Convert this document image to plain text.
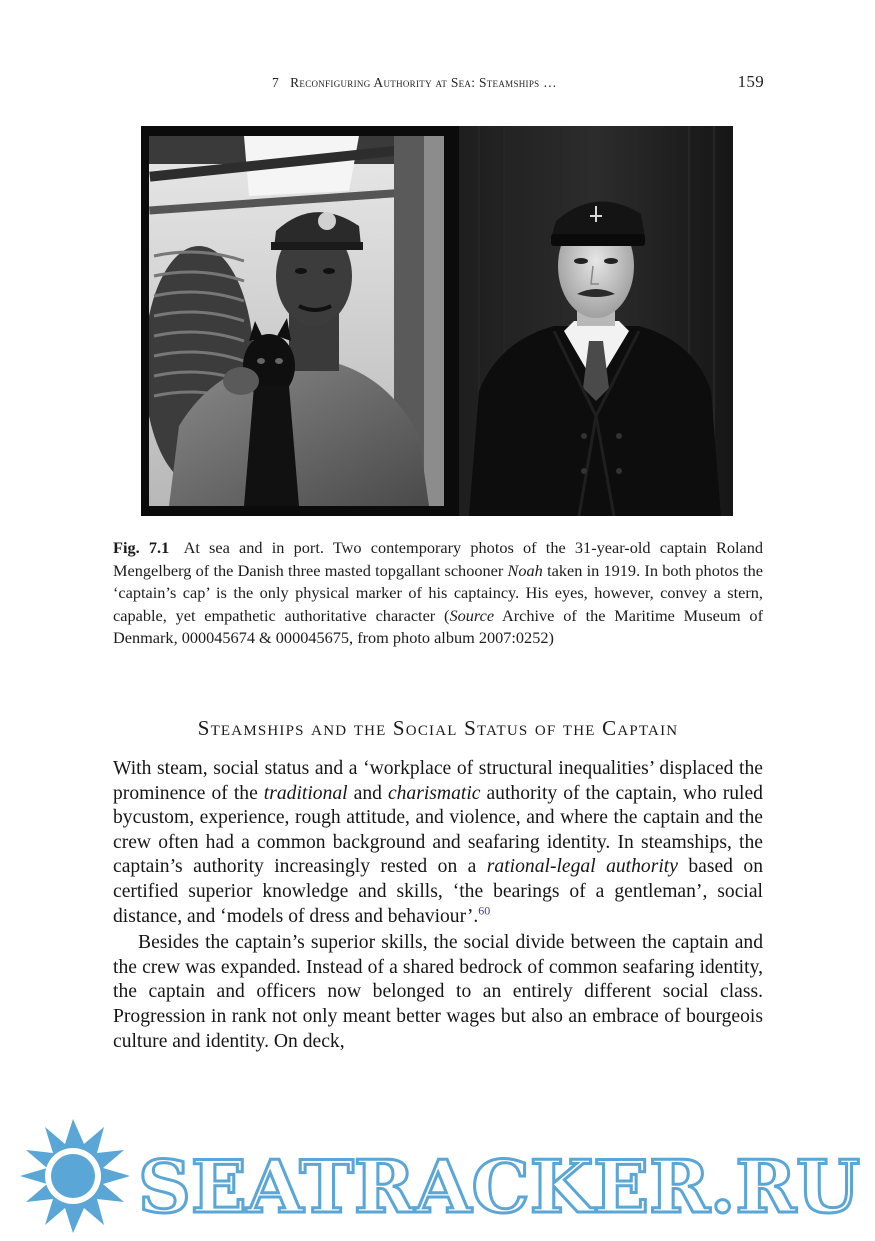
7 Reconfiguring Authority at Sea: Steamships …	159
Fig. 7.1 At sea and in port. Two contemporary photos of the 31-year-old captain Roland Mengelberg of the Danish three masted topgallant schooner Noah taken in 1919. In both photos the ‘captain’s cap’ is the only physical marker of his captaincy. His eyes, however, convey a stern, capable, yet empathetic authoritative character (Source Archive of the Maritime Museum of Denmark, 000045674 & 000045675, from photo album 2007:0252)
Steamships and the Social Status of the Captain

With steam, social status and a ‘workplace of structural inequalities’ displaced the prominence of the traditional and charismatic authority of the captain, who ruled bycustom, experience, rough attitude, and violence, and where the captain and the crew often had a common background and seafaring identity. In steamships, the captain’s authority increasingly rested on a rational-legal authority based on certified superior knowledge and skills, ‘the bearings of a gentleman’, social distance, and ‘models of dress and behaviour’.$^{60}$

Besides the captain’s superior skills, the social divide between the captain and the crew was expanded. Instead of a shared bedrock of common seafaring identity, the captain and officers now belonged to an entirely different social class. Progression in rank not only meant better wages but also an embrace of bourgeois culture and identity. On deck,

SEATRACKER.RU
